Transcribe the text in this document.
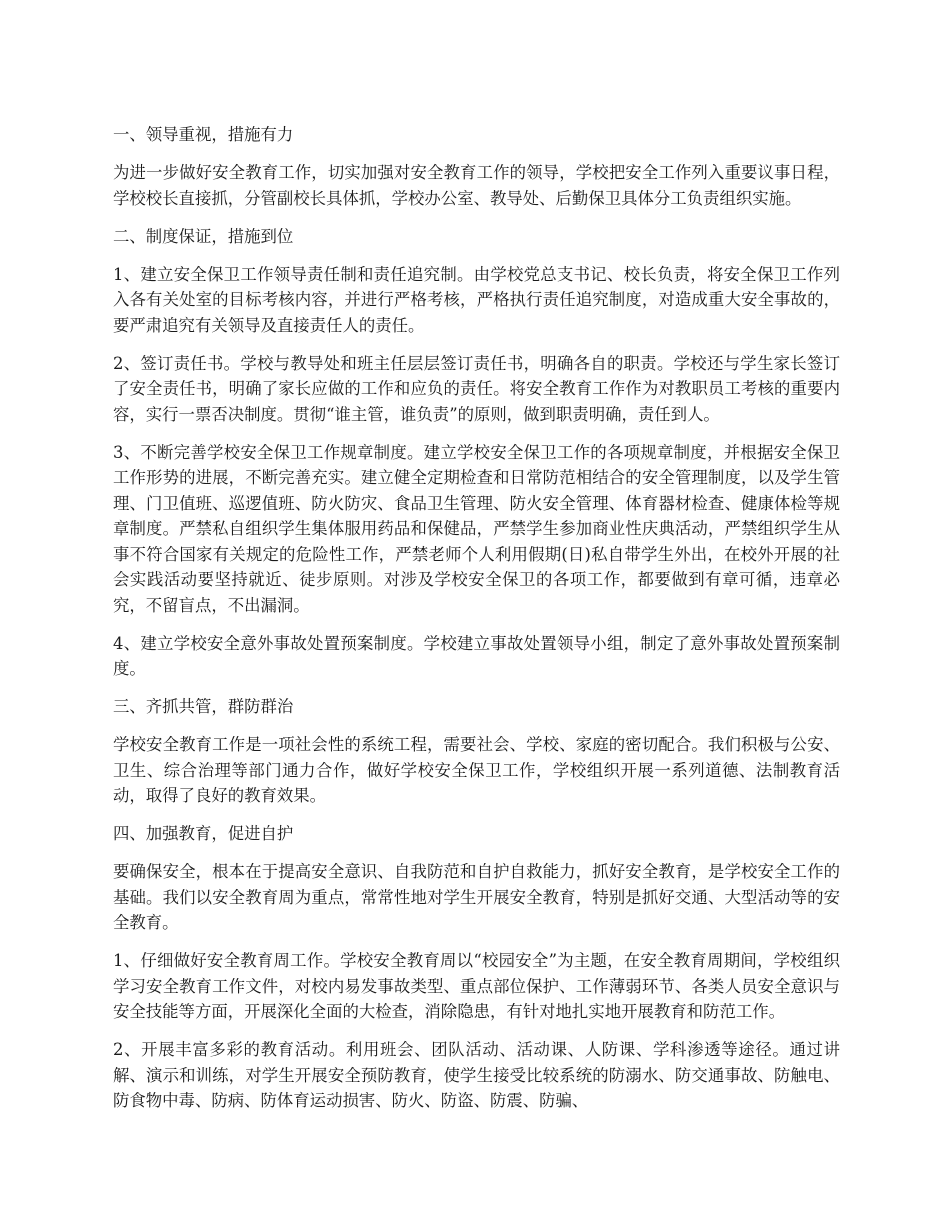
一、领导重视，措施有力

为进一步做好安全教育工作，切实加强对安全教育工作的领导，学校把安全工作列入重要议事日程，学校校长直接抓，分管副校长具体抓，学校办公室、教导处、后勤保卫具体分工负责组织实施。

二、制度保证，措施到位

1、建立安全保卫工作领导责任制和责任追究制。由学校党总支书记、校长负责，将安全保卫工作列入各有关处室的目标考核内容，并进行严格考核，严格执行责任追究制度，对造成重大安全事故的，要严肃追究有关领导及直接责任人的责任。

2、签订责任书。学校与教导处和班主任层层签订责任书，明确各自的职责。学校还与学生家长签订了安全责任书，明确了家长应做的工作和应负的责任。将安全教育工作作为对教职员工考核的重要内容，实行一票否决制度。贯彻“谁主管，谁负责”的原则，做到职责明确，责任到人。

3、不断完善学校安全保卫工作规章制度。建立学校安全保卫工作的各项规章制度，并根据安全保卫工作形势的进展，不断完善充实。建立健全定期检查和日常防范相结合的安全管理制度，以及学生管理、门卫值班、巡逻值班、防火防灾、食品卫生管理、防火安全管理、体育器材检查、健康体检等规章制度。严禁私自组织学生集体服用药品和保健品，严禁学生参加商业性庆典活动，严禁组织学生从事不符合国家有关规定的危险性工作，严禁老师个人利用假期(日)私自带学生外出，在校外开展的社会实践活动要坚持就近、徒步原则。对涉及学校安全保卫的各项工作，都要做到有章可循，违章必究，不留盲点，不出漏洞。

4、建立学校安全意外事故处置预案制度。学校建立事故处置领导小组，制定了意外事故处置预案制度。

三、齐抓共管，群防群治

学校安全教育工作是一项社会性的系统工程，需要社会、学校、家庭的密切配合。我们积极与公安、卫生、综合治理等部门通力合作，做好学校安全保卫工作，学校组织开展一系列道德、法制教育活动，取得了良好的教育效果。

四、加强教育，促进自护

要确保安全，根本在于提高安全意识、自我防范和自护自救能力，抓好安全教育，是学校安全工作的基础。我们以安全教育周为重点，常常性地对学生开展安全教育，特别是抓好交通、大型活动等的安全教育。

1、仔细做好安全教育周工作。学校安全教育周以“校园安全”为主题，在安全教育周期间，学校组织学习安全教育工作文件，对校内易发事故类型、重点部位保护、工作薄弱环节、各类人员安全意识与安全技能等方面，开展深化全面的大检查，消除隐患，有针对地扎实地开展教育和防范工作。

2、开展丰富多彩的教育活动。利用班会、团队活动、活动课、人防课、学科渗透等途径。通过讲解、演示和训练，对学生开展安全预防教育，使学生接受比较系统的防溺水、防交通事故、防触电、防食物中毒、防病、防体育运动损害、防火、防盗、防震、防骗、
